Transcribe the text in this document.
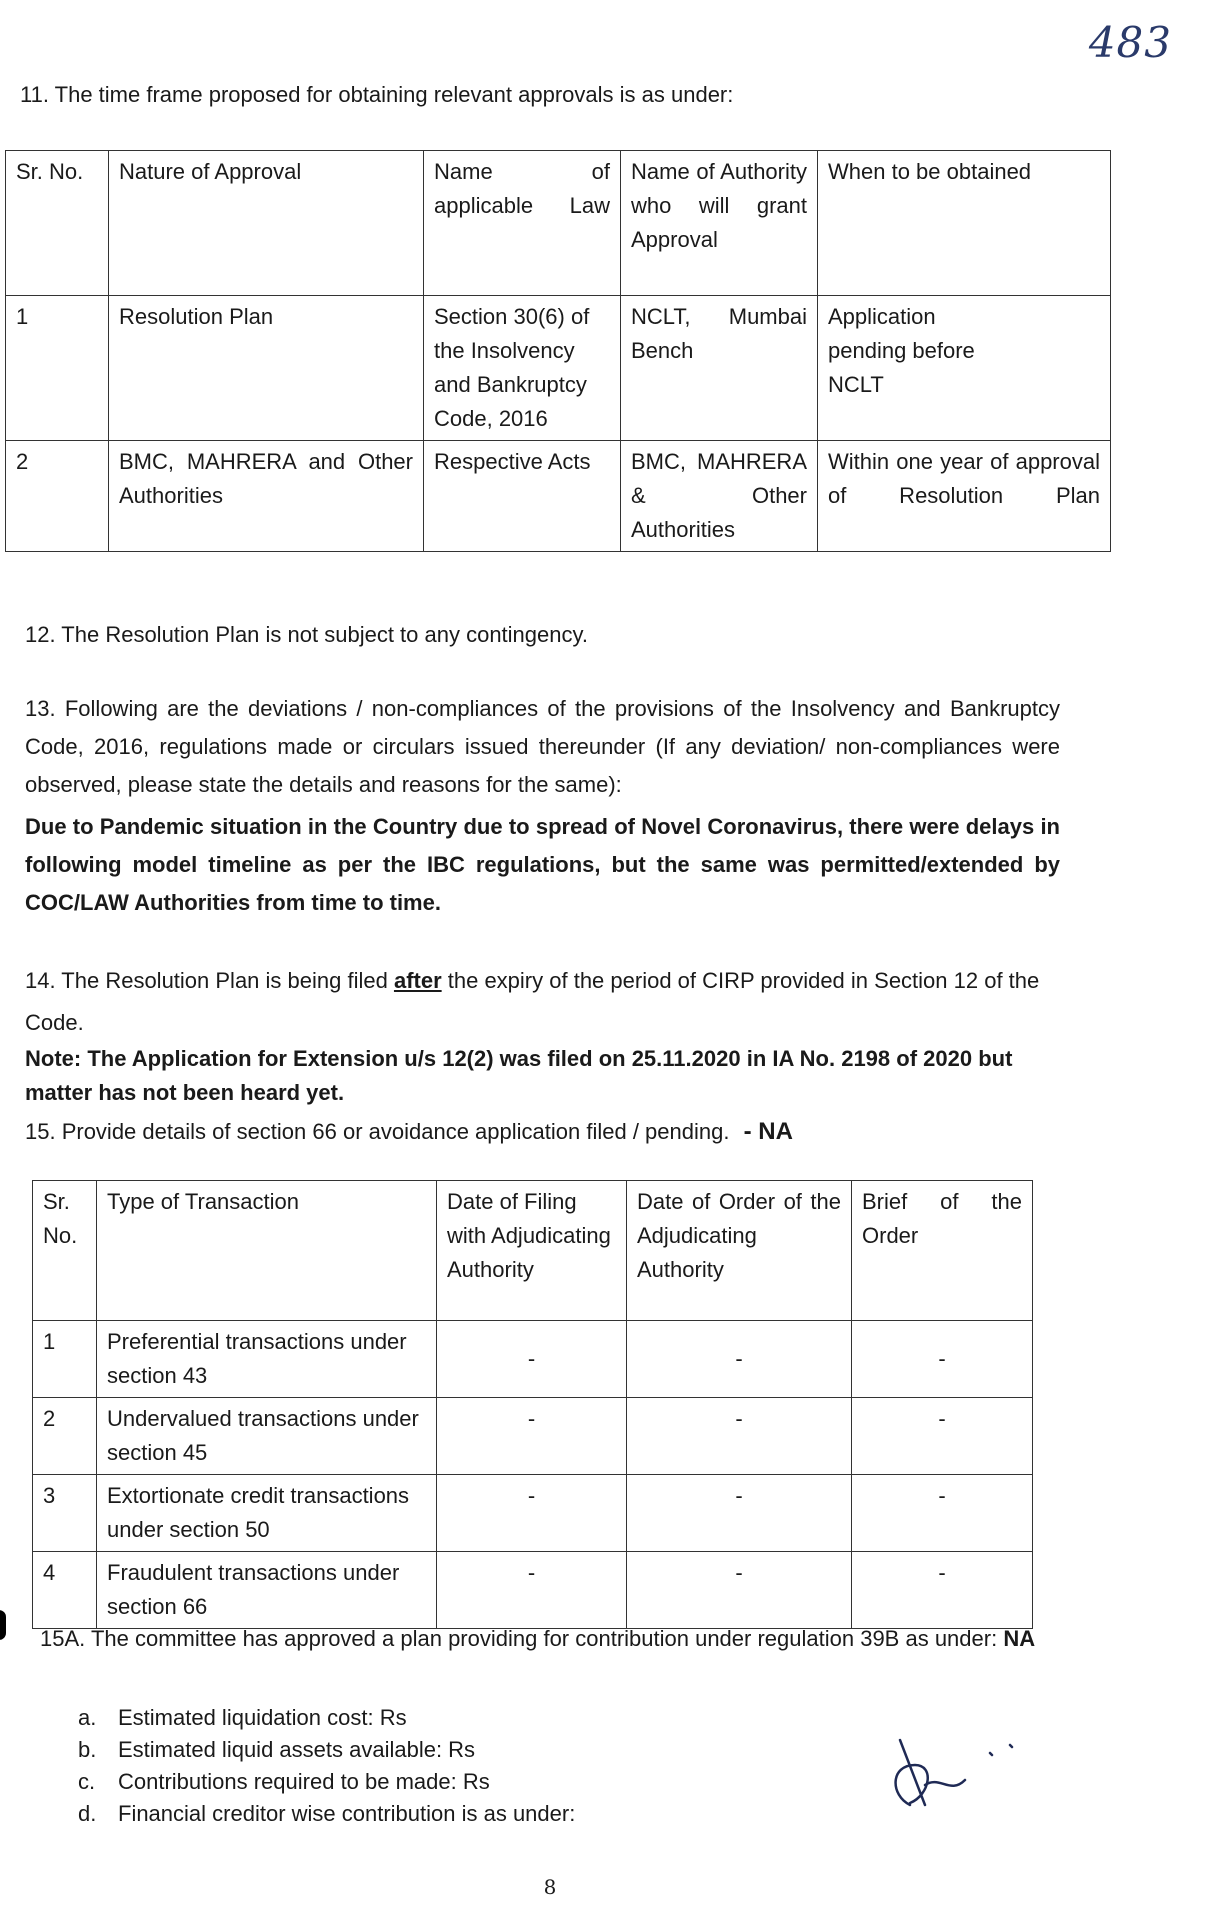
483
11. The time frame proposed for obtaining relevant approvals is as under:
Sr. No.	Nature of Approval	Name of applicable Law	Name of Authority who will grant Approval	When to be obtained
1	Resolution Plan	Section 30(6) of the Insolvency and Bankruptcy Code, 2016	NCLT, Mumbai Bench	Application pending before NCLT
2	BMC, MAHRERA and Other Authorities	Respective Acts	BMC, MAHRERA & Other Authorities	Within one year of approval of Resolution Plan
12. The Resolution Plan is not subject to any contingency.
13. Following are the deviations / non-compliances of the provisions of the Insolvency and Bankruptcy Code, 2016, regulations made or circulars issued thereunder (If any deviation/ non-compliances were observed, please state the details and reasons for the same):
Due to Pandemic situation in the Country due to spread of Novel Coronavirus, there were delays in following model timeline as per the IBC regulations, but the same was permitted/extended by COC/LAW Authorities from time to time.
14. The Resolution Plan is being filed after the expiry of the period of CIRP provided in Section 12 of the Code.
Note: The Application for Extension u/s 12(2) was filed on 25.11.2020 in IA No. 2198 of 2020 but matter has not been heard yet.
15. Provide details of section 66 or avoidance application filed / pending. - NA
Sr. No.	Type of Transaction	Date of Filing with Adjudicating Authority	Date of Order of the Adjudicating Authority	Brief of the Order
1	Preferential transactions under section 43	-	-	-
2	Undervalued transactions under section 45	-	-	-
3	Extortionate credit transactions under section 50	-	-	-
4	Fraudulent transactions under section 66	-	-	-
15A. The committee has approved a plan providing for contribution under regulation 39B as under: NA
a. Estimated liquidation cost: Rs
b. Estimated liquid assets available: Rs
c.	Contributions required to be made: Rs
d. Financial creditor wise contribution is as under:
8
